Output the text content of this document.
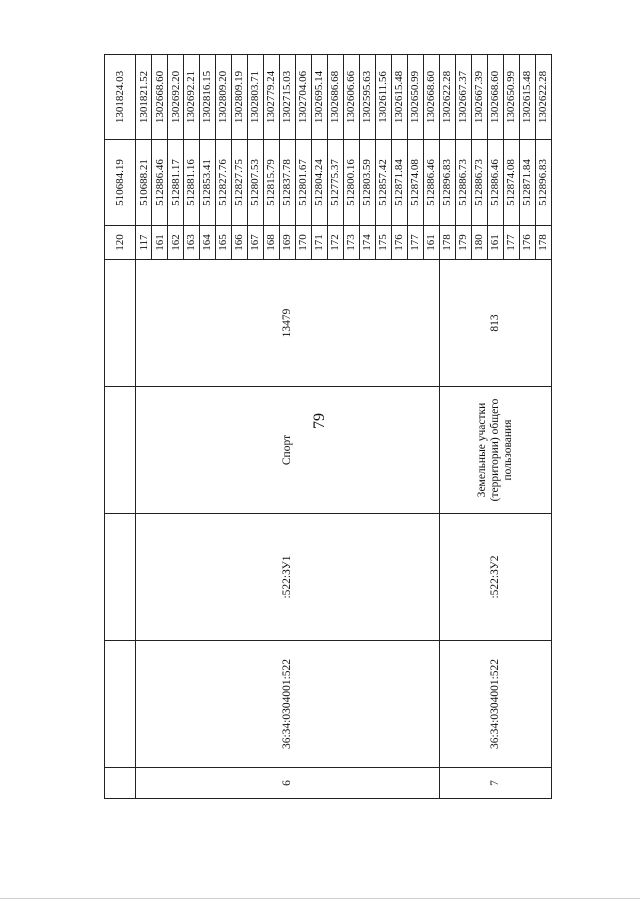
79
					120	510684.19	1301824.03
6	36:34:0304001:522	:522:ЗУ1	Спорт	13479	117	510688.21	1301821.52
					161	512886.46	1302668.60
					162	512881.17	1302692.20
					163	512881.16	1302692.21
					164	512853.41	1302816.15
					165	512827.76	1302809.20
					166	512827.75	1302809.19
					167	512807.53	1302803.71
					168	512815.79	1302779.24
					169	512837.78	1302715.03
					170	512801.67	1302704.06
					171	512804.24	1302695.14
					172	512775.37	1302686.68
					173	512800.16	1302606.66
					174	512803.59	1302595.63
					175	512857.42	1302611.56
					176	512871.84	1302615.48
					177	512874.08	1302650.99
					161	512886.46	1302668.60
7	36:34:0304001:522	:522:ЗУ2	Земельные участки (территории) общего пользования	813	178	512896.83	1302622.28
					179	512886.73	1302667.37
					180	512886.73	1302667.39
					161	512886.46	1302668.60
					177	512874.08	1302650.99
					176	512871.84	1302615.48
					178	512896.83	1302622.28
